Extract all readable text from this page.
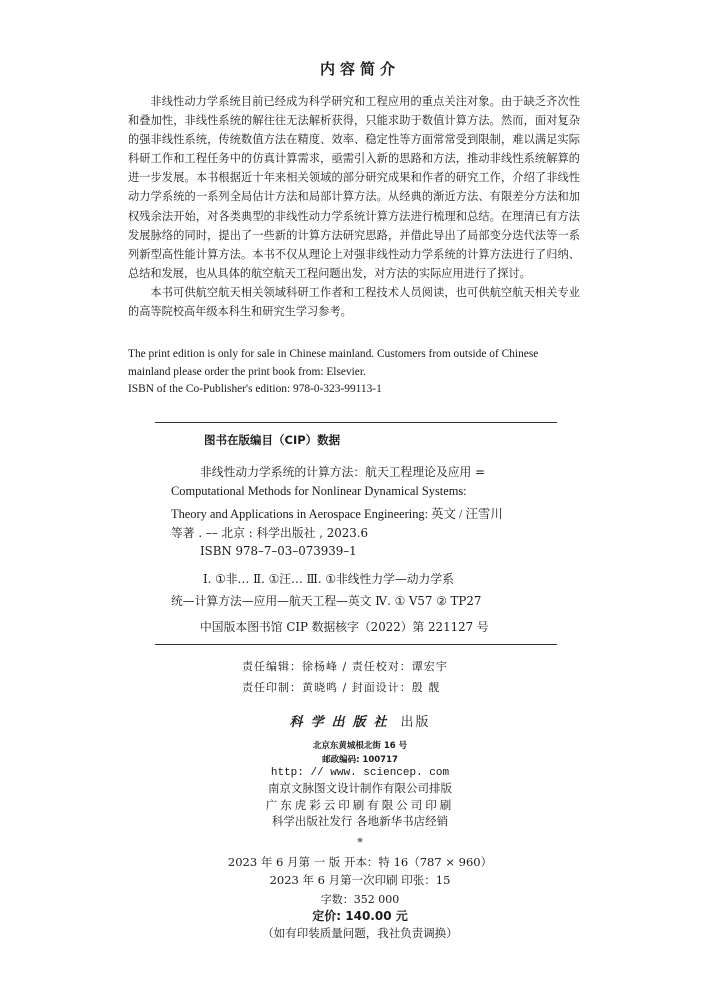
内容简介

非线性动力学系统目前已经成为科学研究和工程应用的重点关注对象。由于缺乏齐次性和叠加性，非线性系统的解往往无法解析获得，只能求助于数值计算方法。然而，面对复杂的强非线性系统，传统数值方法在精度、效率、稳定性等方面常常受到限制，难以满足实际科研工作和工程任务中的仿真计算需求，亟需引入新的思路和方法，推动非线性系统解算的进一步发展。本书根据近十年来相关领域的部分研究成果和作者的研究工作，介绍了非线性动力学系统的一系列全局估计方法和局部计算方法。从经典的渐近方法、有限差分方法和加权残余法开始，对各类典型的非线性动力学系统计算方法进行梳理和总结。在理清已有方法发展脉络的同时，提出了一些新的计算方法研究思路，并借此导出了局部变分迭代法等一系列新型高性能计算方法。本书不仅从理论上对强非线性动力学系统的计算方法进行了归纳、总结和发展，也从具体的航空航天工程问题出发，对方法的实际应用进行了探讨。

本书可供航空航天相关领域科研工作者和工程技术人员阅读，也可供航空航天相关专业的高等院校高年级本科生和研究生学习参考。

The print edition is only for sale in Chinese mainland. Customers from outside of Chinese
mainland please order the print book from: Elsevier.
ISBN of the Co-Publisher's edition: 978-0-323-99113-1
图书在版编目（CIP）数据
非线性动力学系统的计算方法：航天工程理论及应用 =
Computational Methods for Nonlinear Dynamical Systems:
Theory and Applications in Aerospace Engineering: 英文 / 汪雪川
等著 . –– 北京 : 科学出版社 , 2023.6
ISBN 978–7–03–073939–1
Ⅰ. ①非… Ⅱ. ①汪… Ⅲ. ①非线性力学—动力学系
统—计算方法—应用—航天工程—英文 Ⅳ. ① V57 ② TP27
中国版本图书馆 CIP 数据核字（2022）第 221127 号
责任编辑：徐杨峰 / 责任校对：谭宏宇
责任印制：黄晓鸣 / 封面设计：殷 靓
科学出版社 出版
北京东黄城根北街 16 号
邮政编码: 100717
http: // www. sciencep. com
南京文脉图文设计制作有限公司排版
广东虎彩云印刷有限公司印刷
科学出版社发行 各地新华书店经销
*
2023 年 6 月第 一 版 开本：特 16（787 × 960）
2023 年 6 月第一次印刷 印张：15
字数：352 000
定价: 140.00 元
（如有印装质量问题，我社负责调换）
